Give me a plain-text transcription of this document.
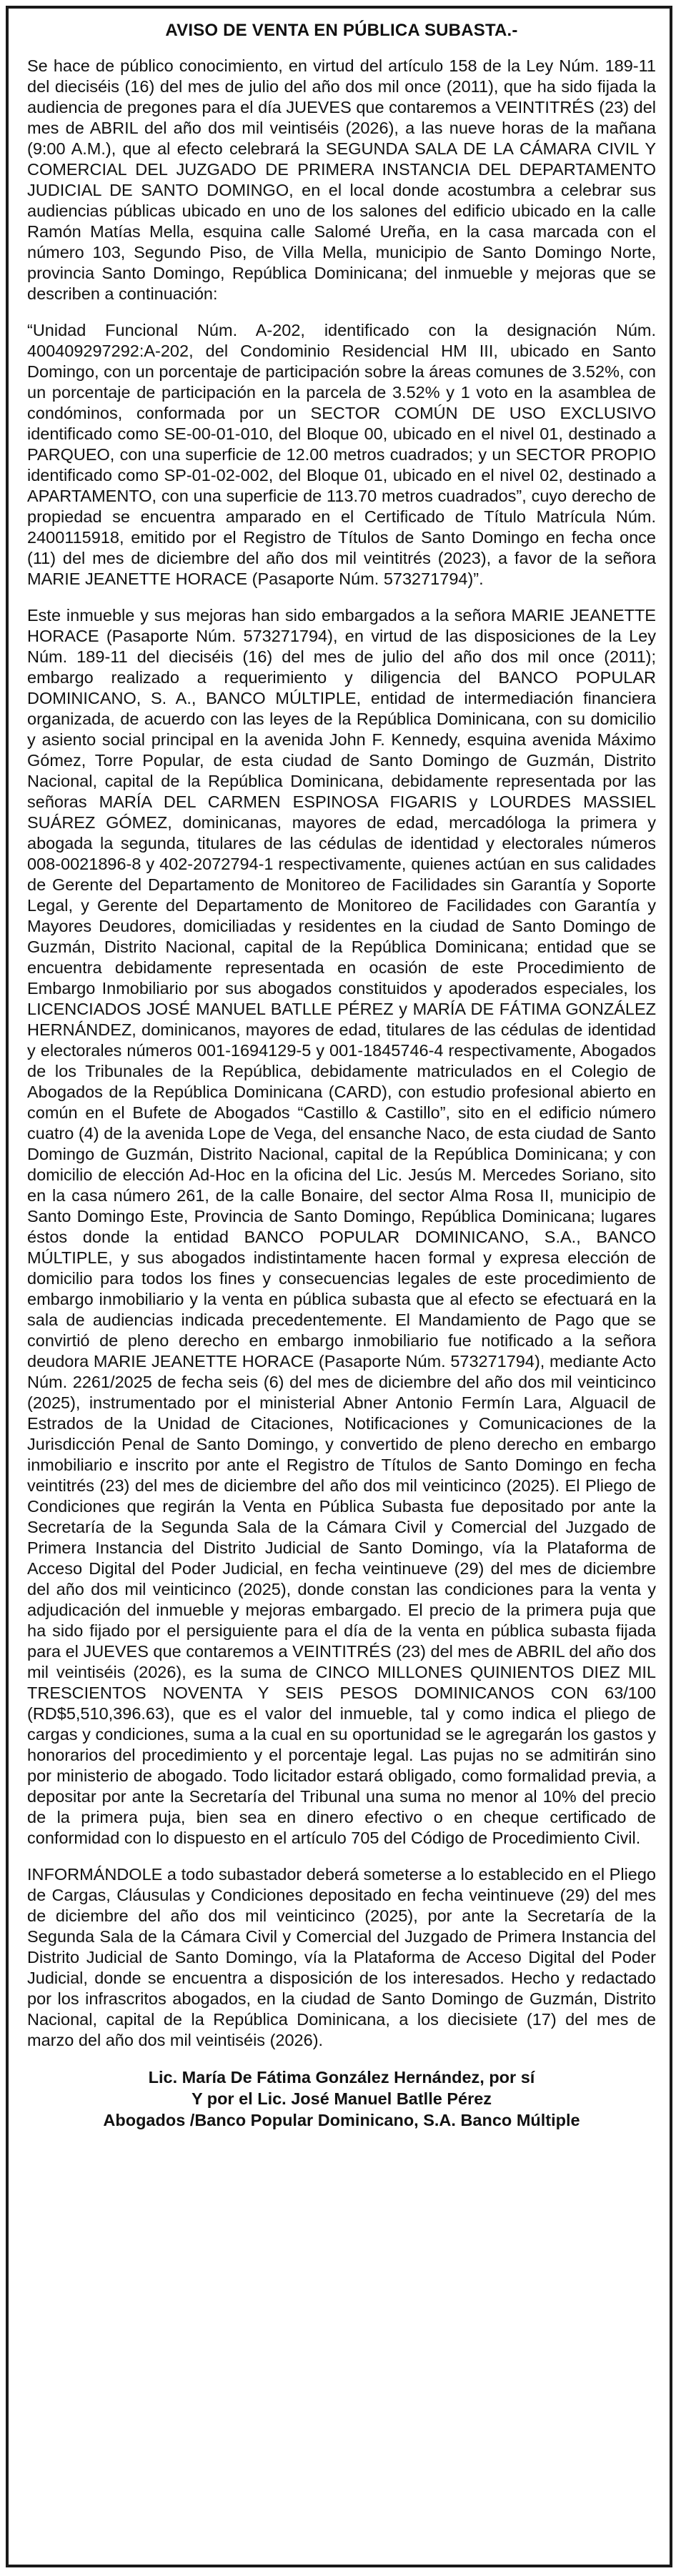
AVISO DE VENTA EN PÚBLICA SUBASTA.-

Se hace de público conocimiento, en virtud del artículo 158 de la Ley Núm. 189-11 del dieciséis (16) del mes de julio del año dos mil once (2011), que ha sido fijada la audiencia de pregones para el día JUEVES que contaremos a VEINTITRÉS (23) del mes de ABRIL del año dos mil veintiséis (2026), a las nueve horas de la mañana (9:00 A.M.), que al efecto celebrará la SEGUNDA SALA DE LA CÁMARA CIVIL Y COMERCIAL DEL JUZGADO DE PRIMERA INSTANCIA DEL DEPARTAMENTO JUDICIAL DE SANTO DOMINGO, en el local donde acostumbra a celebrar sus audiencias públicas ubicado en uno de los salones del edificio ubicado en la calle Ramón Matías Mella, esquina calle Salomé Ureña, en la casa marcada con el número 103, Segundo Piso, de Villa Mella, municipio de Santo Domingo Norte, provincia Santo Domingo, República Dominicana; del inmueble y mejoras que se describen a continuación:

“Unidad Funcional Núm. A-202, identificado con la designación Núm. 400409297292:A-202, del Condominio Residencial HM III, ubicado en Santo Domingo, con un porcentaje de participación sobre la áreas comunes de 3.52%, con un porcentaje de participación en la parcela de 3.52% y 1 voto en la asamblea de condóminos, conformada por un SECTOR COMÚN DE USO EXCLUSIVO identificado como SE-00-01-010, del Bloque 00, ubicado en el nivel 01, destinado a PARQUEO, con una superficie de 12.00 metros cuadrados; y un SECTOR PROPIO identificado como SP-01-02-002, del Bloque 01, ubicado en el nivel 02, destinado a APARTAMENTO, con una superficie de 113.70 metros cuadrados”, cuyo derecho de propiedad se encuentra amparado en el Certificado de Título Matrícula Núm. 2400115918, emitido por el Registro de Títulos de Santo Domingo en fecha once (11) del mes de diciembre del año dos mil veintitrés (2023), a favor de la señora MARIE JEANETTE HORACE (Pasaporte Núm. 573271794)”.

Este inmueble y sus mejoras han sido embargados a la señora MARIE JEANETTE HORACE (Pasaporte Núm. 573271794), en virtud de las disposiciones de la Ley Núm. 189-11 del dieciséis (16) del mes de julio del año dos mil once (2011); embargo realizado a requerimiento y diligencia del BANCO POPULAR DOMINICANO, S. A., BANCO MÚLTIPLE, entidad de intermediación financiera organizada, de acuerdo con las leyes de la República Dominicana, con su domicilio y asiento social principal en la avenida John F. Kennedy, esquina avenida Máximo Gómez, Torre Popular, de esta ciudad de Santo Domingo de Guzmán, Distrito Nacional, capital de la República Dominicana, debidamente representada por las señoras MARÍA DEL CARMEN ESPINOSA FIGARIS y LOURDES MASSIEL SUÁREZ GÓMEZ, dominicanas, mayores de edad, mercadóloga la primera y abogada la segunda, titulares de las cédulas de identidad y electorales números 008-0021896-8 y 402-2072794-1 respectivamente, quienes actúan en sus calidades de Gerente del Departamento de Monitoreo de Facilidades sin Garantía y Soporte Legal, y Gerente del Departamento de Monitoreo de Facilidades con Garantía y Mayores Deudores, domiciliadas y residentes en la ciudad de Santo Domingo de Guzmán, Distrito Nacional, capital de la República Dominicana; entidad que se encuentra debidamente representada en ocasión de este Procedimiento de Embargo Inmobiliario por sus abogados constituidos y apoderados especiales, los LICENCIADOS JOSÉ MANUEL BATLLE PÉREZ y MARÍA DE FÁTIMA GONZÁLEZ HERNÁNDEZ, dominicanos, mayores de edad, titulares de las cédulas de identidad y electorales números 001-1694129-5 y 001-1845746-4 respectivamente, Abogados de los Tribunales de la República, debidamente matriculados en el Colegio de Abogados de la República Dominicana (CARD), con estudio profesional abierto en común en el Bufete de Abogados “Castillo & Castillo”, sito en el edificio número cuatro (4) de la avenida Lope de Vega, del ensanche Naco, de esta ciudad de Santo Domingo de Guzmán, Distrito Nacional, capital de la República Dominicana; y con domicilio de elección Ad-Hoc en la oficina del Lic. Jesús M. Mercedes Soriano, sito en la casa número 261, de la calle Bonaire, del sector Alma Rosa II, municipio de Santo Domingo Este, Provincia de Santo Domingo, República Dominicana; lugares éstos donde la entidad BANCO POPULAR DOMINICANO, S.A., BANCO MÚLTIPLE, y sus abogados indistintamente hacen formal y expresa elección de domicilio para todos los fines y consecuencias legales de este procedimiento de embargo inmobiliario y la venta en pública subasta que al efecto se efectuará en la sala de audiencias indicada precedentemente. El Mandamiento de Pago que se convirtió de pleno derecho en embargo inmobiliario fue notificado a la señora deudora MARIE JEANETTE HORACE (Pasaporte Núm. 573271794), mediante Acto Núm. 2261/2025 de fecha seis (6) del mes de diciembre del año dos mil veinticinco (2025), instrumentado por el ministerial Abner Antonio Fermín Lara, Alguacil de Estrados de la Unidad de Citaciones, Notificaciones y Comunicaciones de la Jurisdicción Penal de Santo Domingo, y convertido de pleno derecho en embargo inmobiliario e inscrito por ante el Registro de Títulos de Santo Domingo en fecha veintitrés (23) del mes de diciembre del año dos mil veinticinco (2025). El Pliego de Condiciones que regirán la Venta en Pública Subasta fue depositado por ante la Secretaría de la Segunda Sala de la Cámara Civil y Comercial del Juzgado de Primera Instancia del Distrito Judicial de Santo Domingo, vía la Plataforma de Acceso Digital del Poder Judicial, en fecha veintinueve (29) del mes de diciembre del año dos mil veinticinco (2025), donde constan las condiciones para la venta y adjudicación del inmueble y mejoras embargado. El precio de la primera puja que ha sido fijado por el persiguiente para el día de la venta en pública subasta fijada para el JUEVES que contaremos a VEINTITRÉS (23) del mes de ABRIL del año dos mil veintiséis (2026), es la suma de CINCO MILLONES QUINIENTOS DIEZ MIL TRESCIENTOS NOVENTA Y SEIS PESOS DOMINICANOS CON 63/100 (RD$5,510,396.63), que es el valor del inmueble, tal y como indica el pliego de cargas y condiciones, suma a la cual en su oportunidad se le agregarán los gastos y honorarios del procedimiento y el porcentaje legal. Las pujas no se admitirán sino por ministerio de abogado. Todo licitador estará obligado, como formalidad previa, a depositar por ante la Secretaría del Tribunal una suma no menor al 10% del precio de la primera puja, bien sea en dinero efectivo o en cheque certificado de conformidad con lo dispuesto en el artículo 705 del Código de Procedimiento Civil.

INFORMÁNDOLE a todo subastador deberá someterse a lo establecido en el Pliego de Cargas, Cláusulas y Condiciones depositado en fecha veintinueve (29) del mes de diciembre del año dos mil veinticinco (2025), por ante la Secretaría de la Segunda Sala de la Cámara Civil y Comercial del Juzgado de Primera Instancia del Distrito Judicial de Santo Domingo, vía la Plataforma de Acceso Digital del Poder Judicial, donde se encuentra a disposición de los interesados. Hecho y redactado por los infrascritos abogados, en la ciudad de Santo Domingo de Guzmán, Distrito Nacional, capital de la República Dominicana, a los diecisiete (17) del mes de marzo del año dos mil veintiséis (2026).

Lic. María De Fátima González Hernández, por sí
Y por el Lic. José Manuel Batlle Pérez
Abogados /Banco Popular Dominicano, S.A. Banco Múltiple
